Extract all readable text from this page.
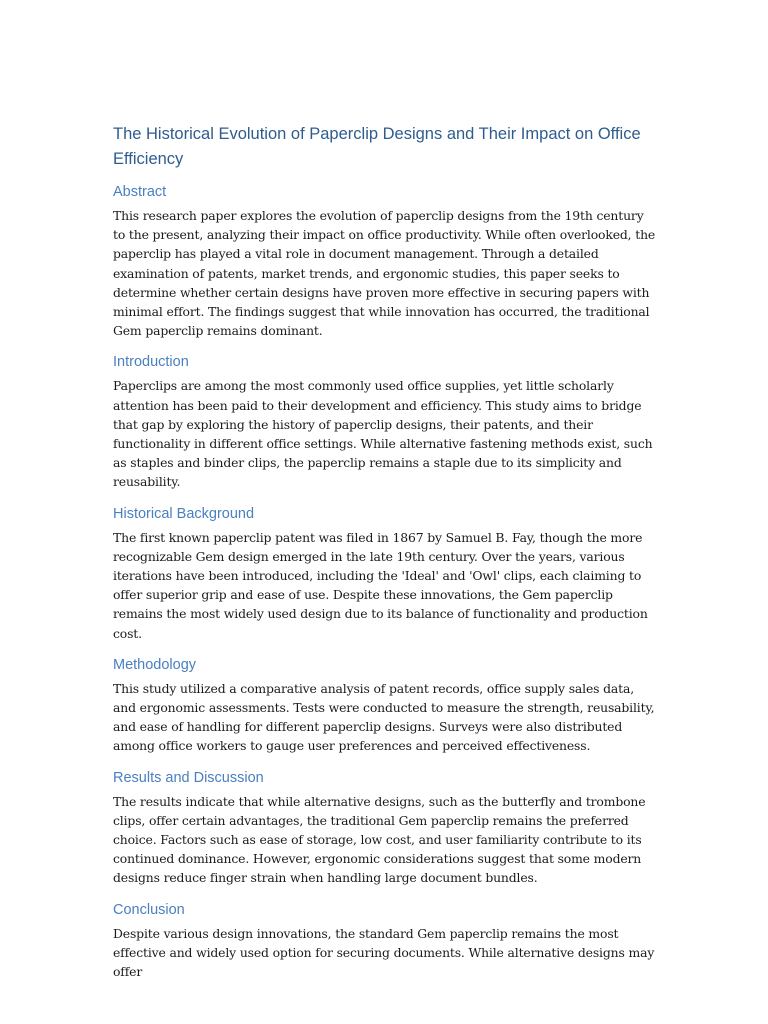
The Historical Evolution of Paperclip Designs and Their Impact on Office Efficiency
Abstract

This research paper explores the evolution of paperclip designs from the 19th century to the present, analyzing their impact on office productivity. While often overlooked, the paperclip has played a vital role in document management. Through a detailed examination of patents, market trends, and ergonomic studies, this paper seeks to determine whether certain designs have proven more effective in securing papers with minimal effort. The findings suggest that while innovation has occurred, the traditional Gem paperclip remains dominant.

Introduction

Paperclips are among the most commonly used office supplies, yet little scholarly attention has been paid to their development and efficiency. This study aims to bridge that gap by exploring the history of paperclip designs, their patents, and their functionality in different office settings. While alternative fastening methods exist, such as staples and binder clips, the paperclip remains a staple due to its simplicity and reusability.

Historical Background

The first known paperclip patent was filed in 1867 by Samuel B. Fay, though the more recognizable Gem design emerged in the late 19th century. Over the years, various iterations have been introduced, including the 'Ideal' and 'Owl' clips, each claiming to offer superior grip and ease of use. Despite these innovations, the Gem paperclip remains the most widely used design due to its balance of functionality and production cost.

Methodology

This study utilized a comparative analysis of patent records, office supply sales data, and ergonomic assessments. Tests were conducted to measure the strength, reusability, and ease of handling for different paperclip designs. Surveys were also distributed among office workers to gauge user preferences and perceived effectiveness.

Results and Discussion

The results indicate that while alternative designs, such as the butterfly and trombone clips, offer certain advantages, the traditional Gem paperclip remains the preferred choice. Factors such as ease of storage, low cost, and user familiarity contribute to its continued dominance. However, ergonomic considerations suggest that some modern designs reduce finger strain when handling large document bundles.

Conclusion

Despite various design innovations, the standard Gem paperclip remains the most effective and widely used option for securing documents. While alternative designs may offer
